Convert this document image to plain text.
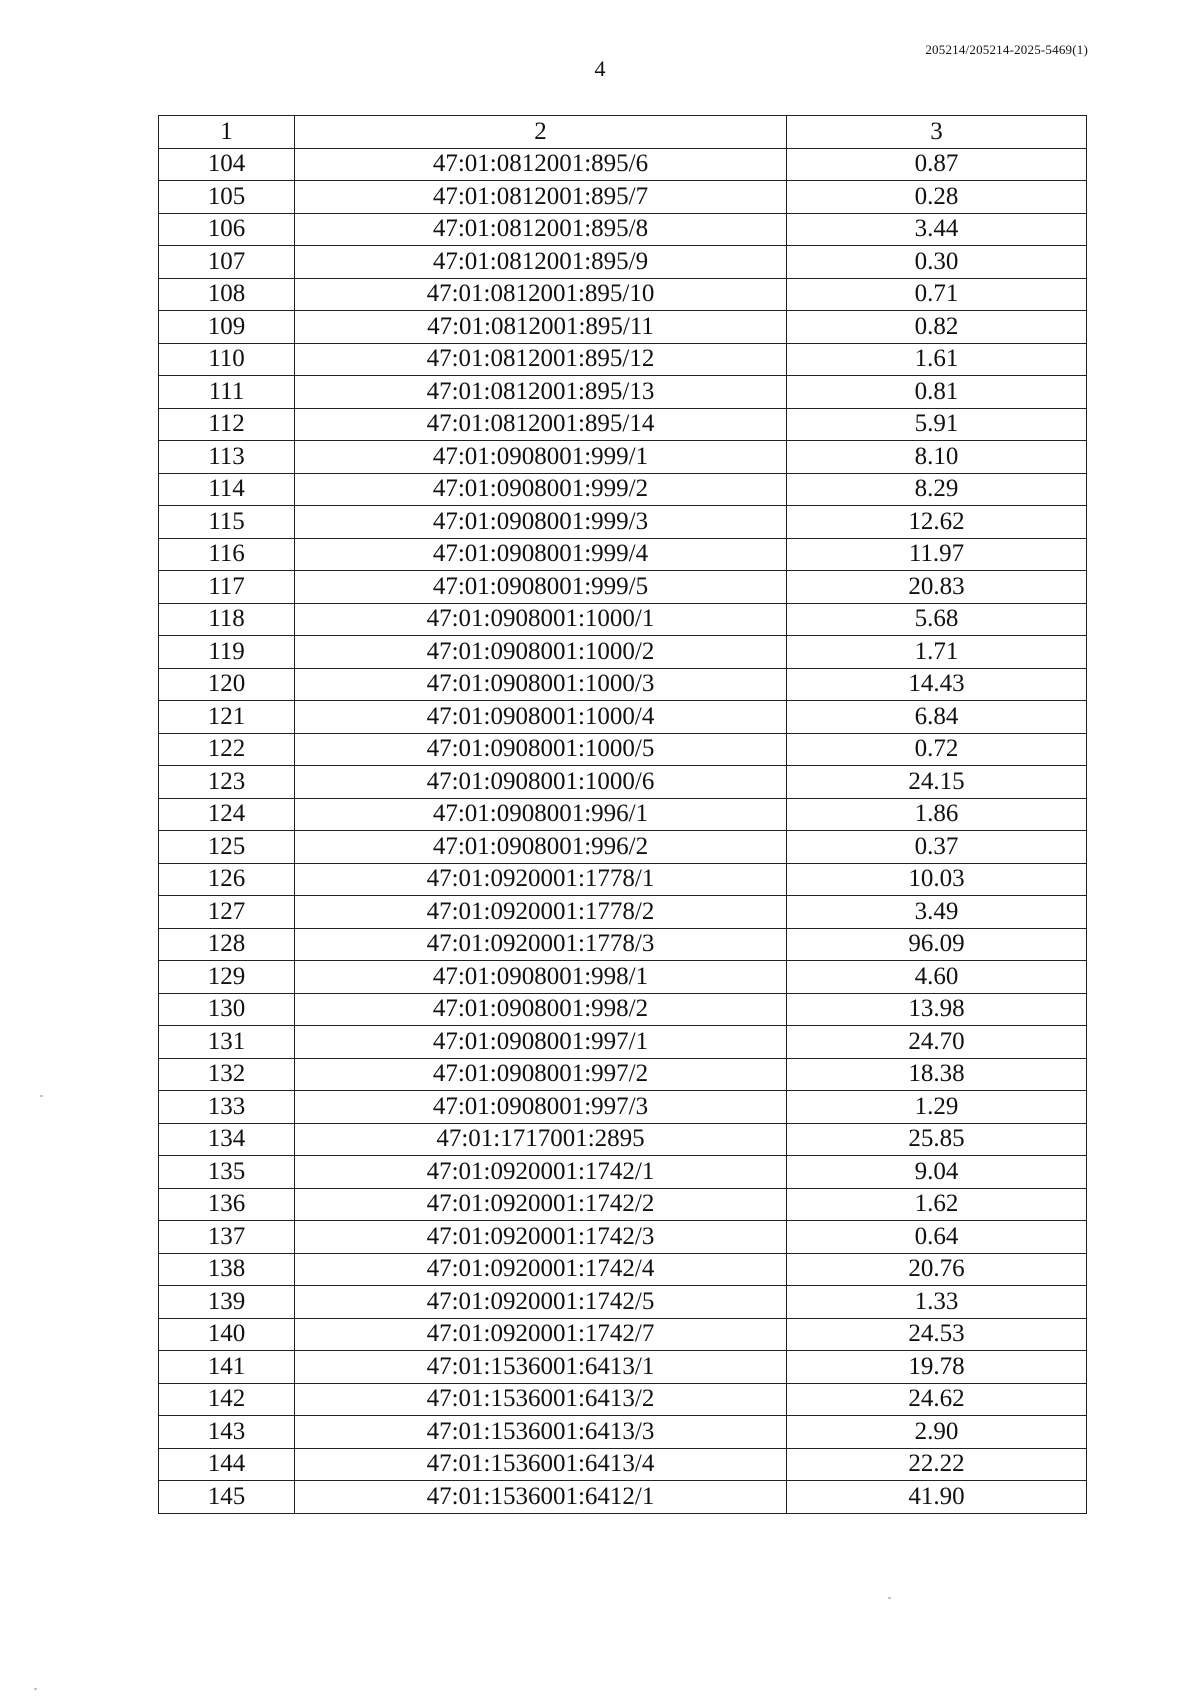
205214/205214-2025-5469(1)
4
1	2	3
104	47:01:0812001:895/6	0.87
105	47:01:0812001:895/7	0.28
106	47:01:0812001:895/8	3.44
107	47:01:0812001:895/9	0.30
108	47:01:0812001:895/10	0.71
109	47:01:0812001:895/11	0.82
110	47:01:0812001:895/12	1.61
111	47:01:0812001:895/13	0.81
112	47:01:0812001:895/14	5.91
113	47:01:0908001:999/1	8.10
114	47:01:0908001:999/2	8.29
115	47:01:0908001:999/3	12.62
116	47:01:0908001:999/4	11.97
117	47:01:0908001:999/5	20.83
118	47:01:0908001:1000/1	5.68
119	47:01:0908001:1000/2	1.71
120	47:01:0908001:1000/3	14.43
121	47:01:0908001:1000/4	6.84
122	47:01:0908001:1000/5	0.72
123	47:01:0908001:1000/6	24.15
124	47:01:0908001:996/1	1.86
125	47:01:0908001:996/2	0.37
126	47:01:0920001:1778/1	10.03
127	47:01:0920001:1778/2	3.49
128	47:01:0920001:1778/3	96.09
129	47:01:0908001:998/1	4.60
130	47:01:0908001:998/2	13.98
131	47:01:0908001:997/1	24.70
132	47:01:0908001:997/2	18.38
133	47:01:0908001:997/3	1.29
134	47:01:1717001:2895	25.85
135	47:01:0920001:1742/1	9.04
136	47:01:0920001:1742/2	1.62
137	47:01:0920001:1742/3	0.64
138	47:01:0920001:1742/4	20.76
139	47:01:0920001:1742/5	1.33
140	47:01:0920001:1742/7	24.53
141	47:01:1536001:6413/1	19.78
142	47:01:1536001:6413/2	24.62
143	47:01:1536001:6413/3	2.90
144	47:01:1536001:6413/4	22.22
145	47:01:1536001:6412/1	41.90
